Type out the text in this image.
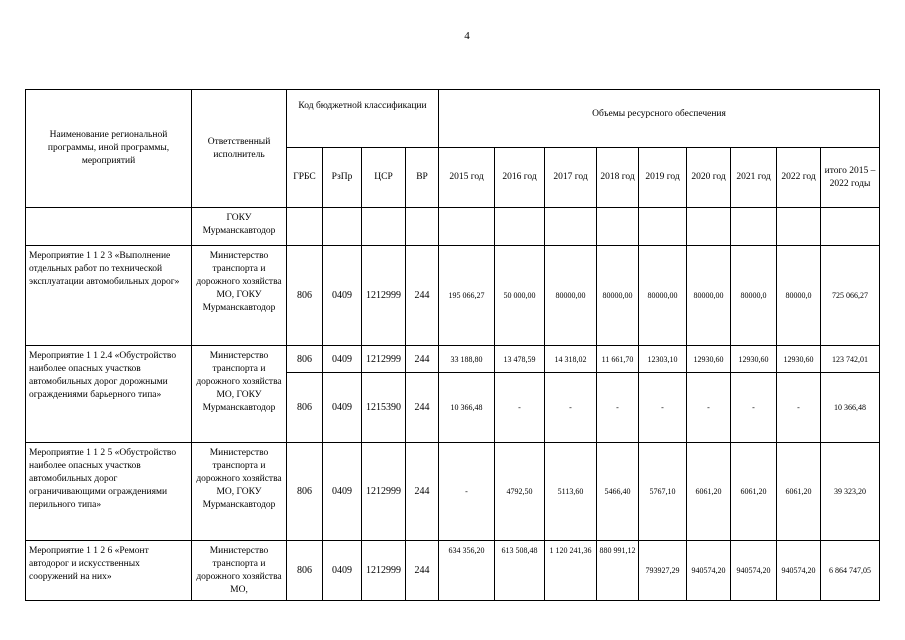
4
Наименование региональной программы, иной программы, мероприятий	Ответственный исполнитель	Код бюджетной классификации				Объемы ресурсного обеспечения								
		ГРБС	РзПр	ЦСР	ВР	2015 год	2016 год	2017 год	2018 год	2019 год	2020 год	2021 год	2022 год	итого 2015 – 2022 годы
	ГОКУ Мурманскавтодор													
Мероприятие 1 1 2 3 «Выполнение отдельных работ по технической эксплуатации автомобильных дорог»	Министерство транспорта и дорожного хозяйства МО, ГОКУ Мурманскавтодор	806	0409	1212999	244	195 066,27	50 000,00	80000,00	80000,00	80000,00	80000,00	80000,0	80000,0	725 066,27
Мероприятие 1 1 2.4 «Обустройство наиболее опасных участков автомобильных дорог дорожными ограждениями барьерного типа»	Министерство транспорта и дорожного хозяйства МО, ГОКУ Мурманскавтодор	806	0409	1212999	244	33 188,80	13 478,59	14 318,02	11 661,70	12303,10	12930,60	12930,60	12930,60	123 742,01
		806	0409	1215390	244	10 366,48	-	-	-	-	-	-	-	10 366,48
Мероприятие 1 1 2 5 «Обустройство наиболее опасных участков автомобильных дорог ограничивающими ограждениями перильного типа»	Министерство транспорта и дорожного хозяйства МО, ГОКУ Мурманскавтодор	806	0409	1212999	244	-	4792,50	5113,60	5466,40	5767,10	6061,20	6061,20	6061,20	39 323,20
Мероприятие 1 1 2 6 «Ремонт автодорог и искусственных сооружений на них»	Министерство транспорта и дорожного хозяйства МО,	806	0409	1212999	244	634 356,20	613 508,48	1 120 241,36	880 991,12	793927,29	940574,20	940574,20	940574,20	6 864 747,05
